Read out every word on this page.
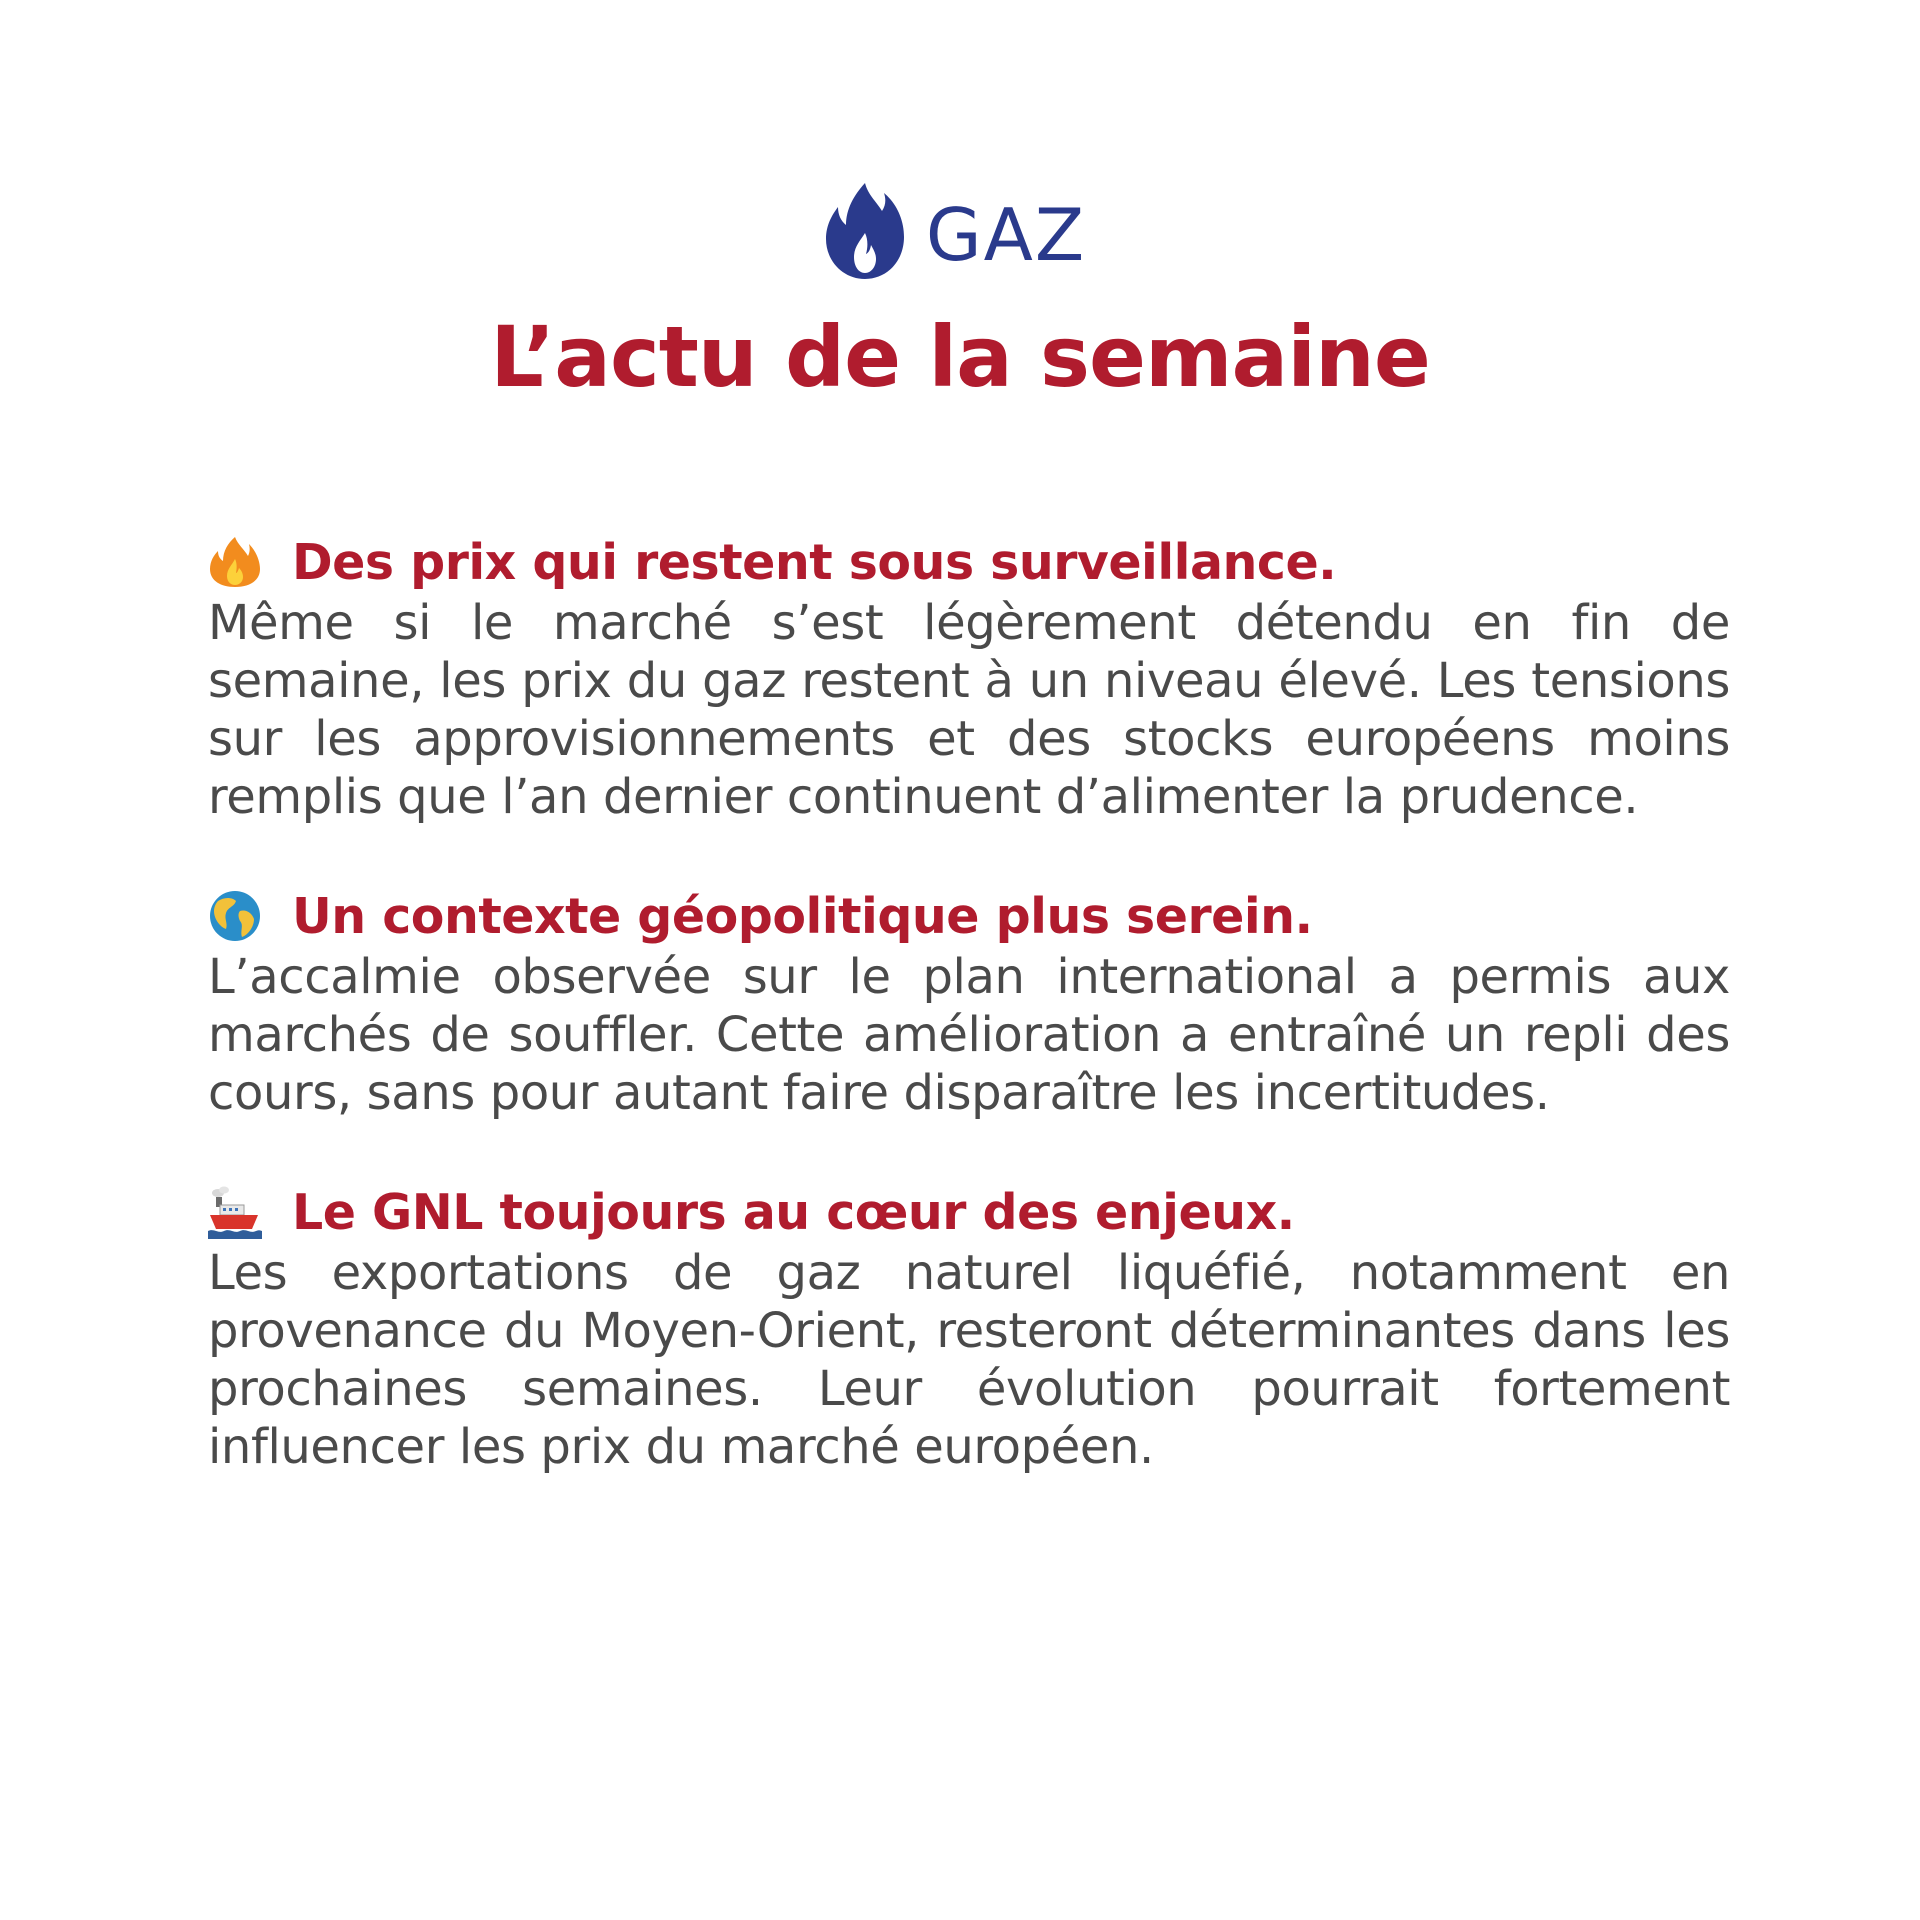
GAZ
L’actu de la semaine
Des prix qui restent sous surveillance.

Même si le marché s’est légèrement détendu en fin de semaine, les prix du gaz restent à un niveau élevé. Les tensions sur les approvisionnements et des stocks européens moins remplis que l’an dernier continuent d’alimenter la prudence.

Un contexte géopolitique plus serein.

L’accalmie observée sur le plan international a permis aux marchés de souffler. Cette amélioration a entraîné un repli des cours, sans pour autant faire disparaître les incertitudes.

Le GNL toujours au cœur des enjeux.

Les exportations de gaz naturel liquéfié, notamment en provenance du Moyen-Orient, resteront déterminantes dans les prochaines semaines. Leur évolution pourrait fortement influencer les prix du marché européen.
